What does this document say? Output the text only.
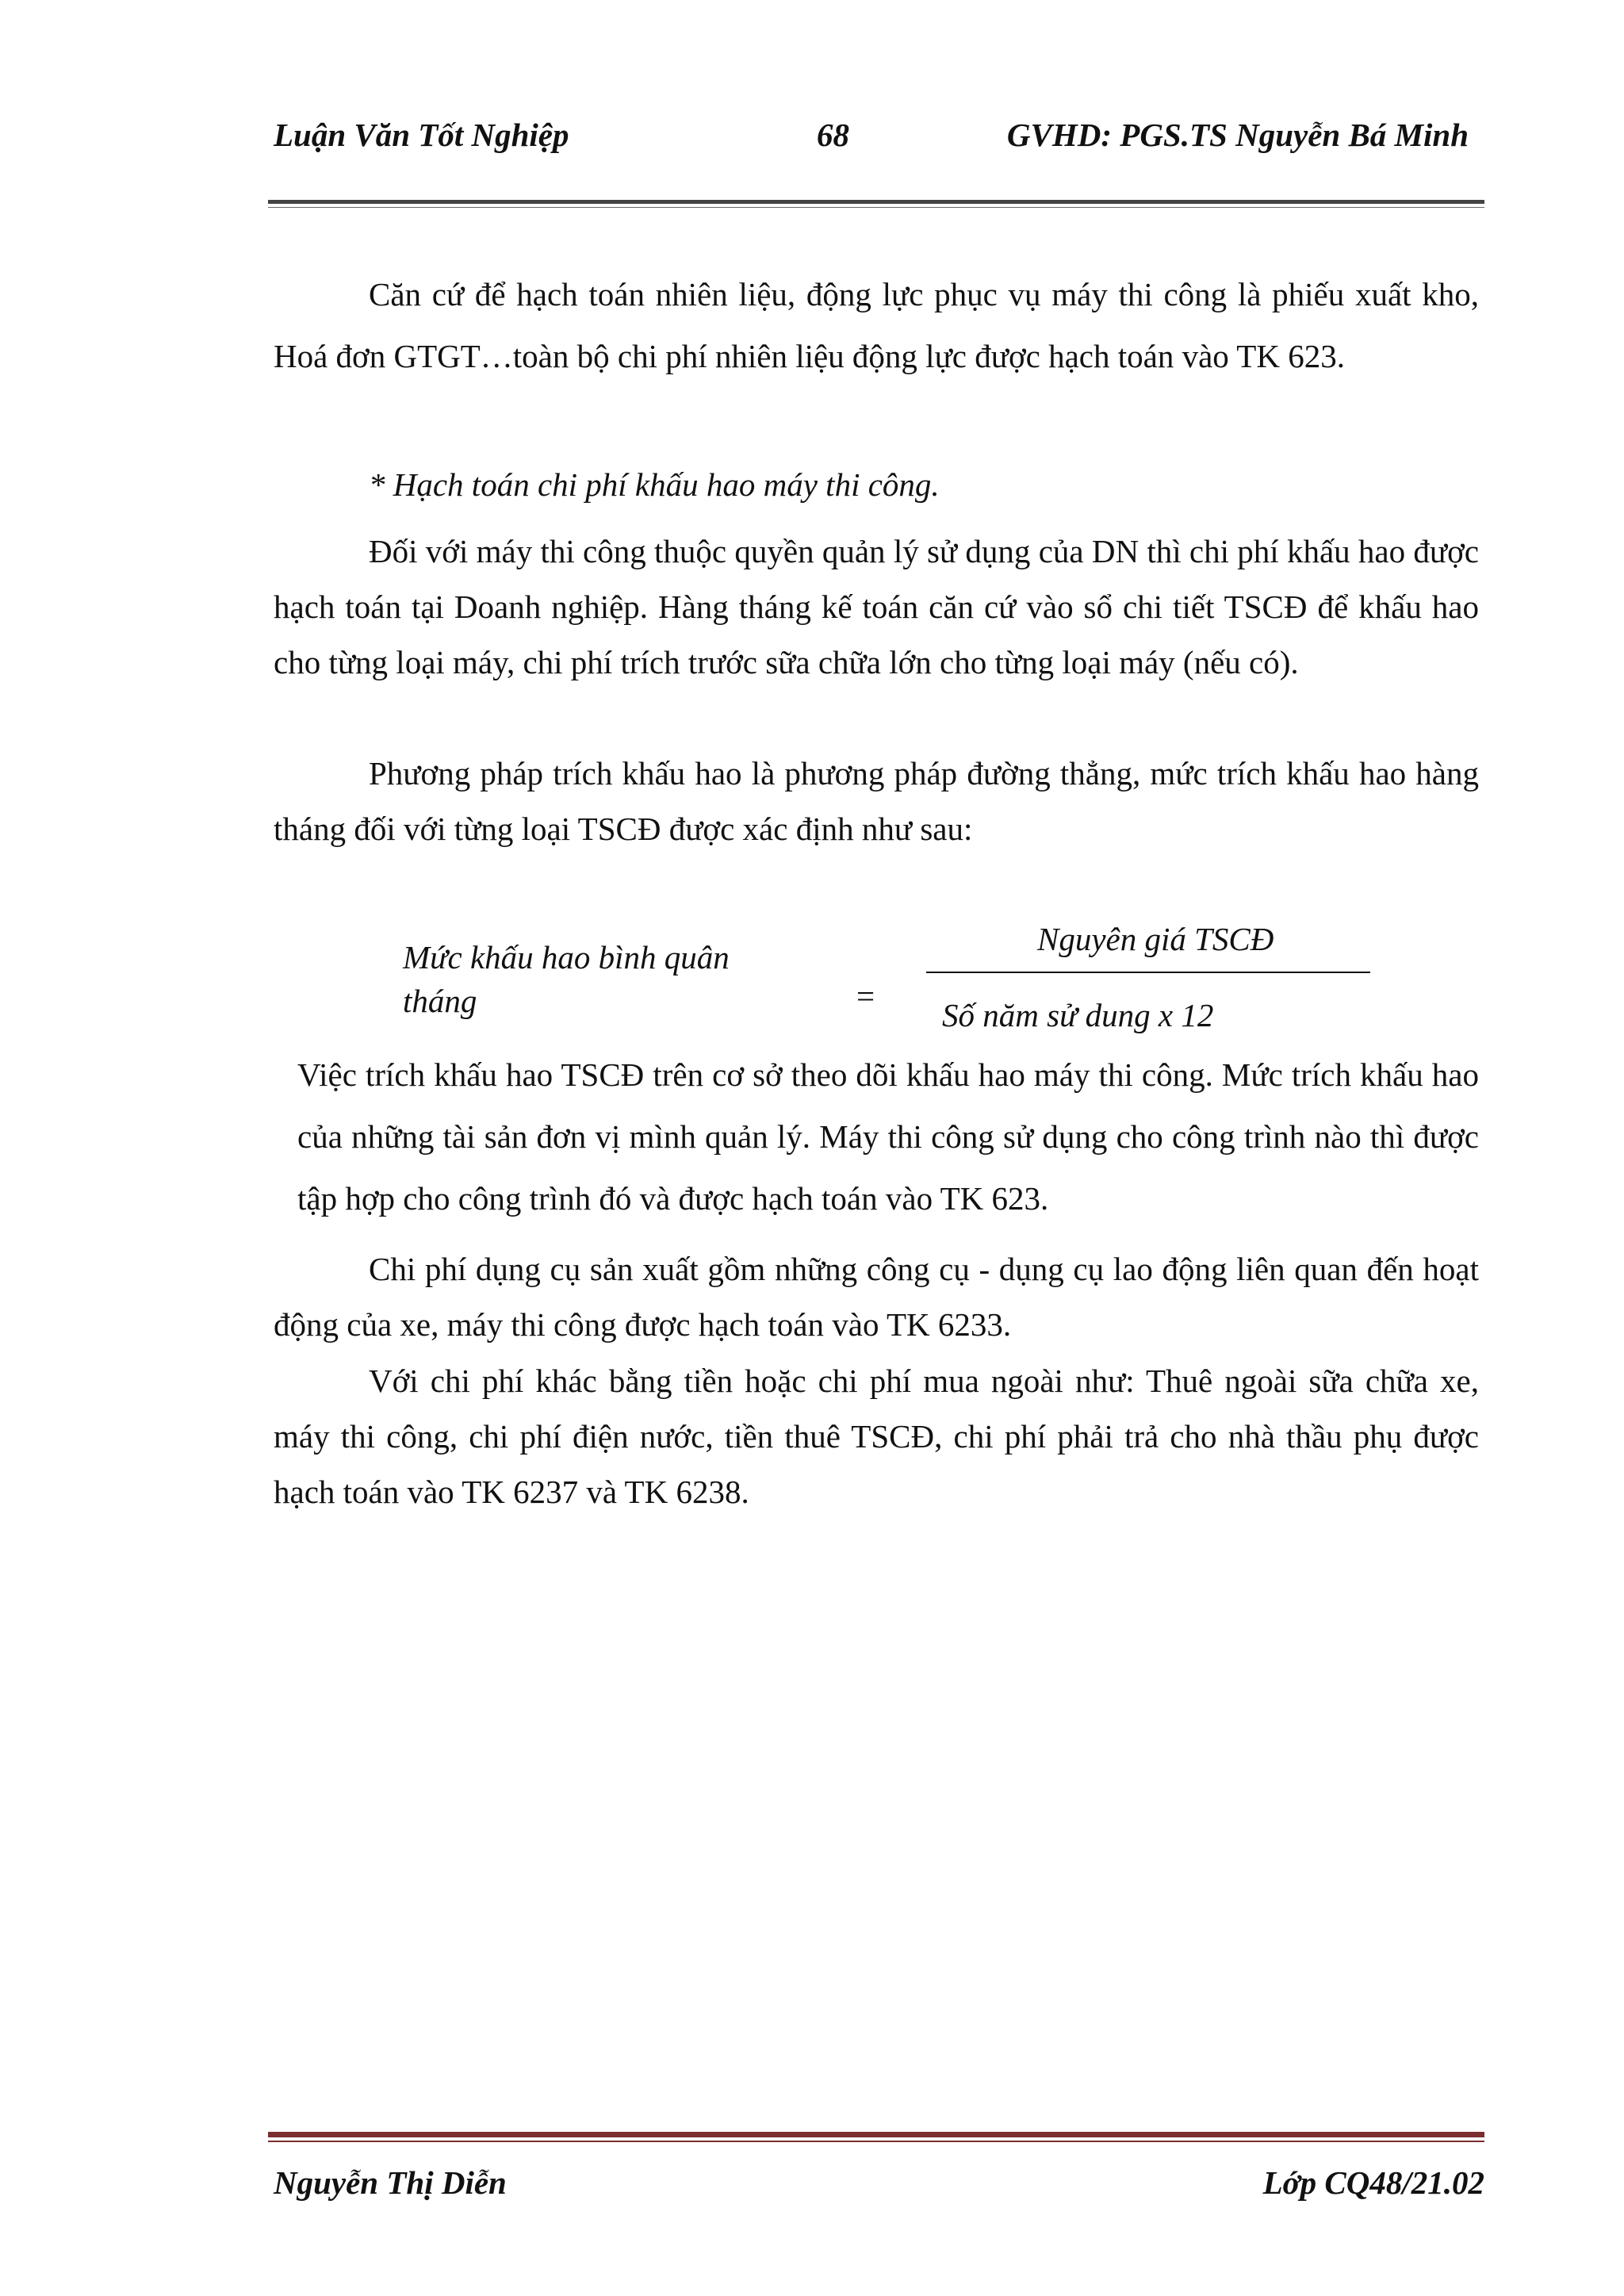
Luận Văn Tốt Nghiệp	68	GVHD: PGS.TS Nguyễn Bá Minh
Căn cứ để hạch toán nhiên liệu, động lực phục vụ máy thi công là phiếu xuất kho, Hoá đơn GTGT…toàn bộ chi phí nhiên liệu động lực được hạch toán vào TK 623.
* Hạch toán chi phí khấu hao máy thi công.
Đối với máy thi công thuộc quyền quản lý sử dụng của DN thì chi phí khấu hao được hạch toán tại Doanh nghiệp. Hàng tháng kế toán căn cứ vào sổ chi tiết TSCĐ để khấu hao cho từng loại máy, chi phí trích trước sữa chữa lớn cho từng loại máy (nếu có).
Phương pháp trích khấu hao là phương pháp đường thẳng, mức trích khấu hao hàng tháng đối với từng loại TSCĐ được xác định như sau:
Mức khấu hao bình quân
tháng	=
Nguyên giá TSCĐ
Số năm sử dung x 12
Việc trích khấu hao TSCĐ trên cơ sở theo dõi khấu hao máy thi công. Mức trích khấu hao của những tài sản đơn vị mình quản lý. Máy thi công sử dụng cho công trình nào thì được tập hợp cho công trình đó và được hạch toán vào TK 623.
Chi phí dụng cụ sản xuất gồm những công cụ - dụng cụ lao động liên quan đến hoạt động của xe, máy thi công được hạch toán vào TK 6233.
Với chi phí khác bằng tiền hoặc chi phí mua ngoài như: Thuê ngoài sữa chữa xe, máy thi công, chi phí điện nước, tiền thuê TSCĐ, chi phí phải trả cho nhà thầu phụ được hạch toán vào TK 6237 và TK 6238.
Nguyễn Thị Diễn	Lớp CQ48/21.02
